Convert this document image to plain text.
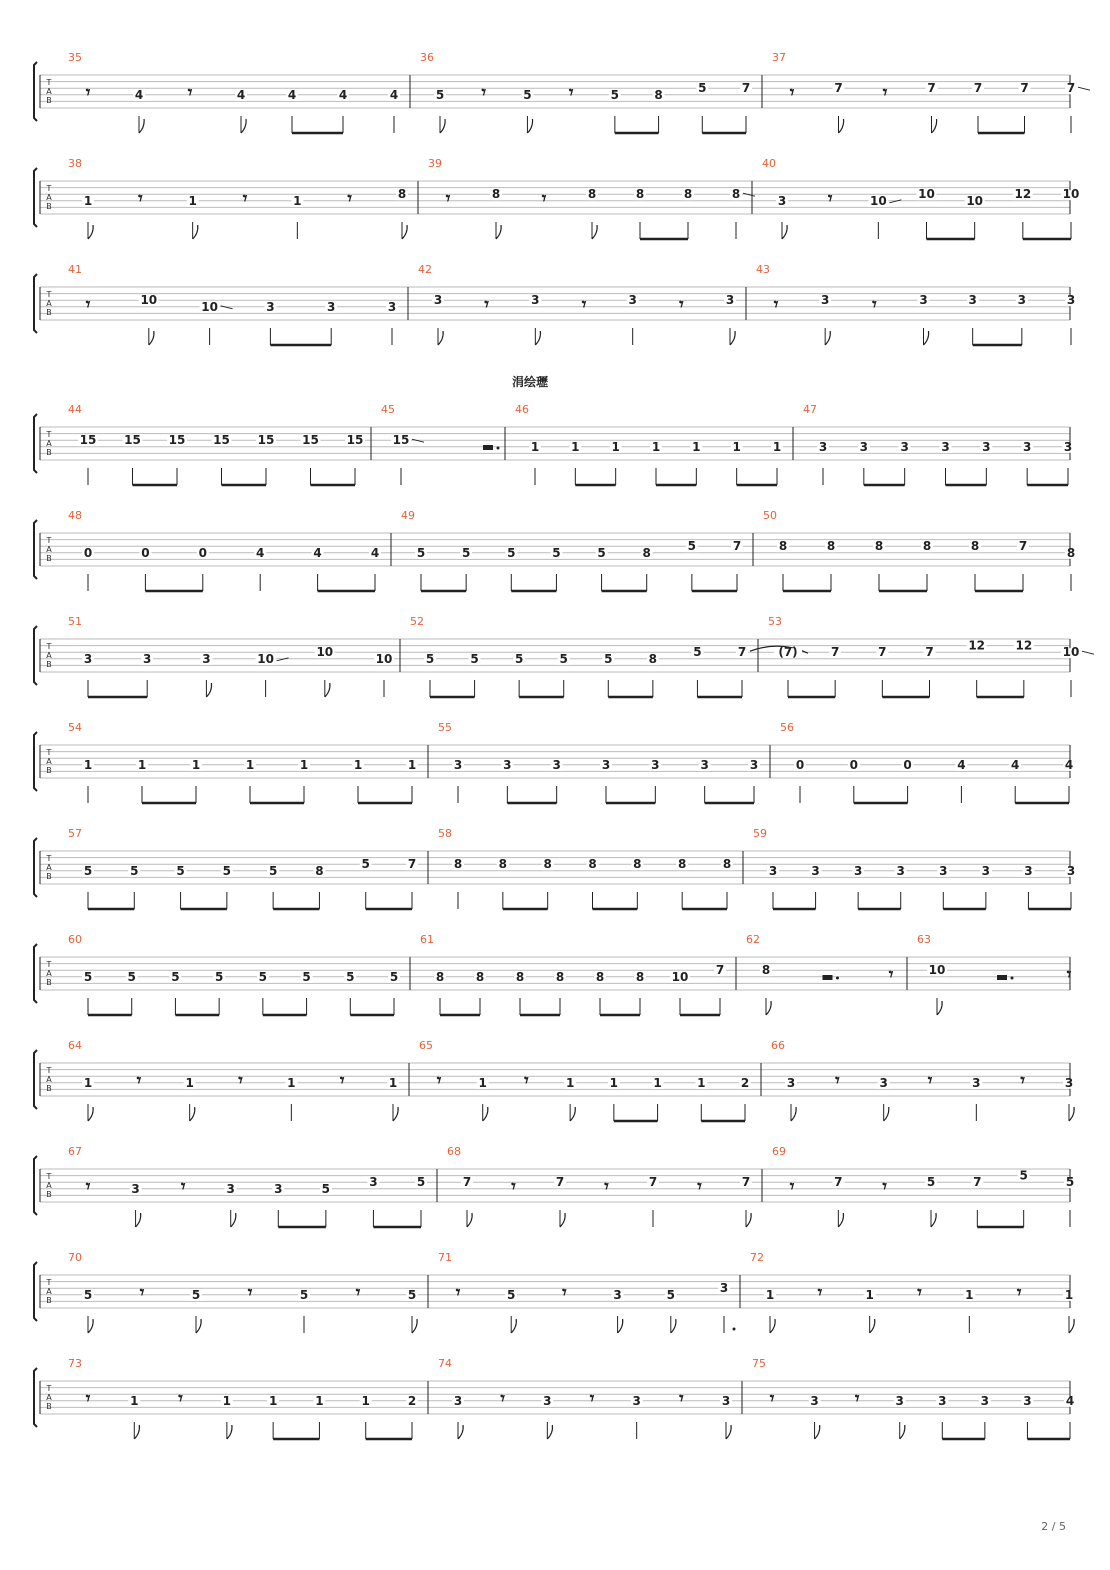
涓绘瓑
2 / 5
T
A
B
35
𝄾	4	𝄾	4	4	4	4
36
5 𝄾	5 𝄾	5	8	5	7
37
𝄾	7 𝄾	7	7	7	7
T
A
B
38
1	𝄾	1	𝄾	1	𝄾	8
39
𝄾	8 𝄾	8	8	8	8
40
3 𝄾	10	10	10	12	10
T
A
B
41
𝄾	10	10	3	3	3
42
3 𝄾	3 𝄾	3 𝄾	3
43
𝄾	3	𝄾	3	3	3	3
T
A
B
44
15 15 15 15 15 15 15
45
15
46
1	1	1	1	1	1	1
47
3	3	3	3	3	3	3
T
A
B
48
0	0	0	4	4	4
49
5	5	5	5	5	8	5	7
50
8	8	8	8	8	7	8
T
A
B
51
3	3	3	10	10	10
52
5	5	5	5	5	8	5	7
53
(7)	7	7	7	12	12	10
T
A
B
54
1	1	1	1	1	1	1
55
3	3	3	3	3	3	3
56
0	0	0	4	4	4
T
A
B
57
5	5	5	5	5	8	5	7
58
8	8	8	8	8	8	8
59
3	3	3	3	3	3	3	3
T
A
B
60
5	5	5	5	5	5	5	5
61
8	8	8	8	8	8 10 7
62
8	𝄾
63
10	𝄾
T
A
B
64
1	𝄾	1	𝄾	1	𝄾	1
65
𝄾	1 𝄾	1	1	1	1	2
66
3 𝄾	3 𝄾	3 𝄾	3
T
A
B
67
𝄾	3 𝄾	3	3	5	3	5
68
7 𝄾	7 𝄾	7 𝄾	7
69
𝄾	7 𝄾	5	7	5	5
T
A
B
70
5	𝄾	5	𝄾	5	𝄾	5
71
𝄾	5	𝄾	3	5	3
72
1	𝄾	1	𝄾	1	𝄾	1
T
A
B
73
𝄾	1 𝄾	1	1	1	1	2
74
3 𝄾	3 𝄾	3 𝄾	3
75
𝄾	3 𝄾	3	3	3	3	4
